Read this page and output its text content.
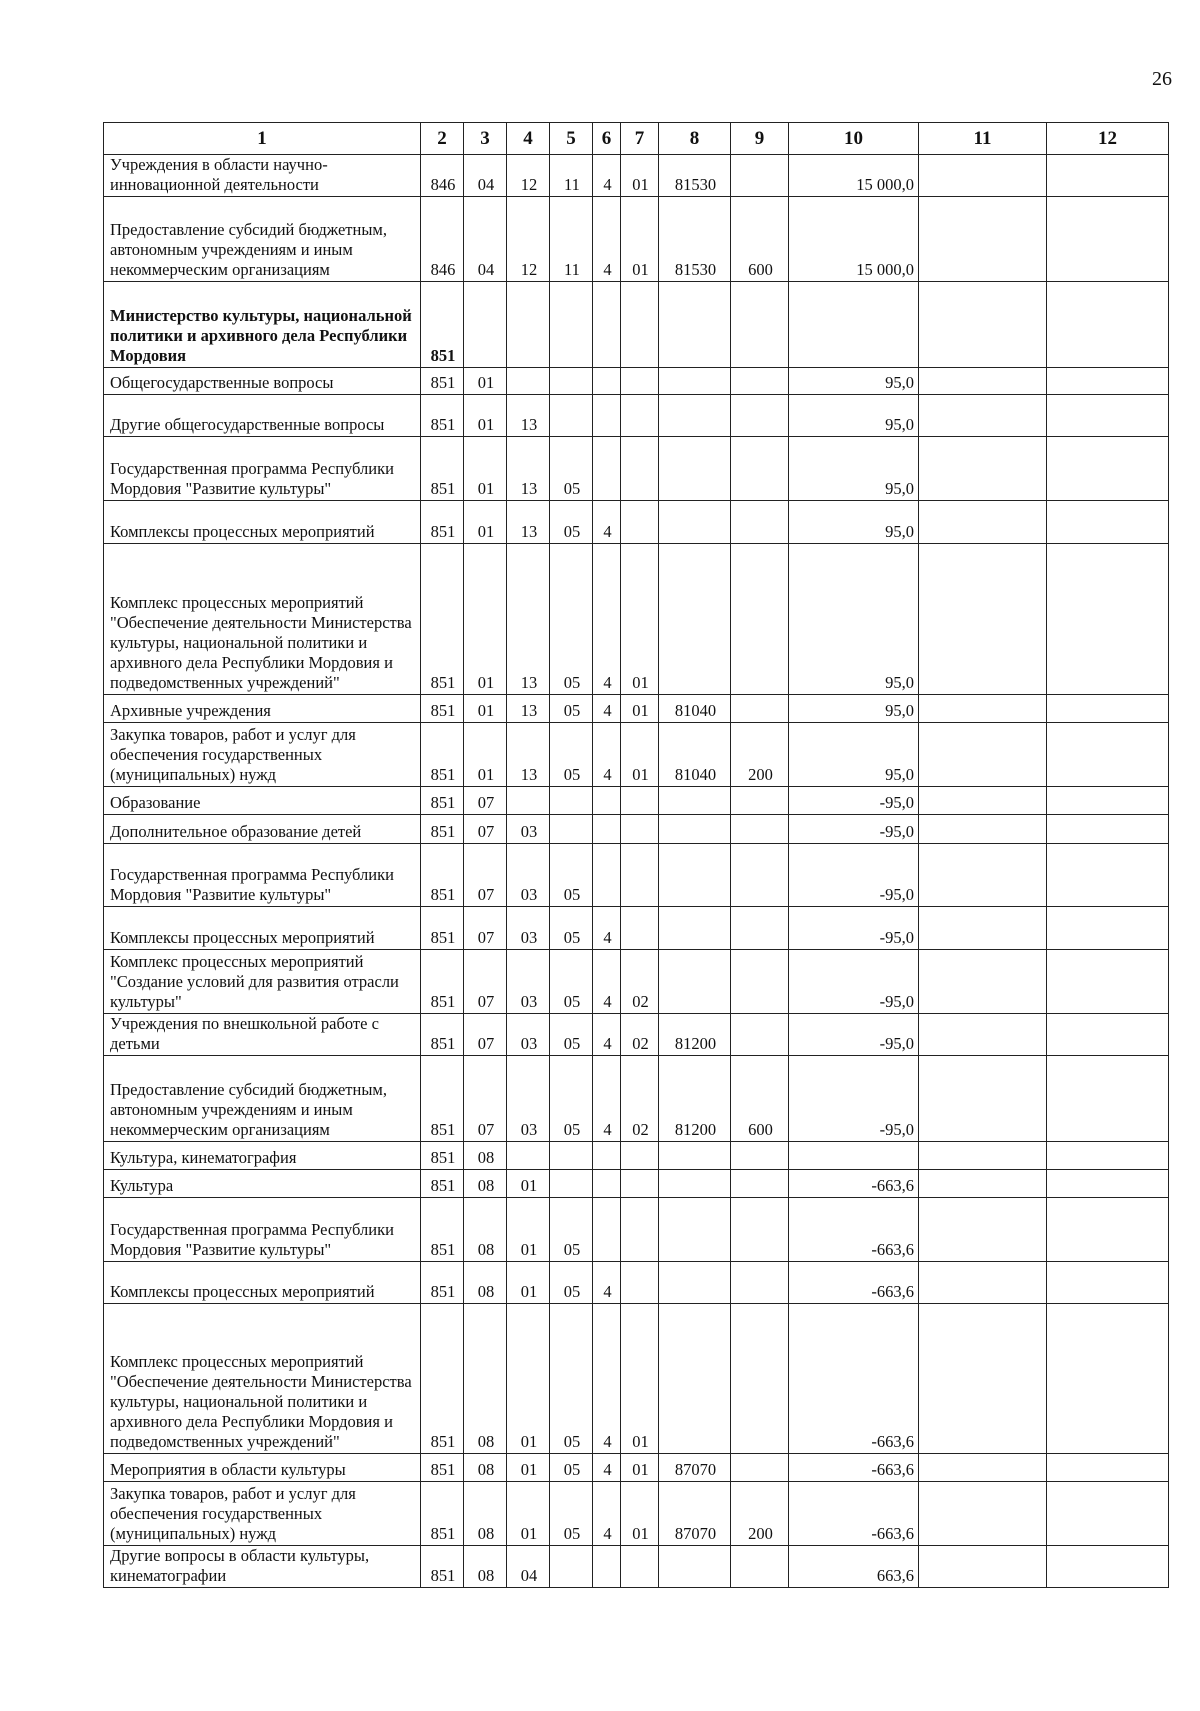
26
1	2	3	4	5	6	7	8	9	10	11	12
Учреждения в области научно-инновационной деятельности	846	04	12	11	4	01	81530		15 000,0		
Предоставление субсидий бюджетным, автономным учреждениям и иным некоммерческим организациям	846	04	12	11	4	01	81530	600	15 000,0		
Министерство культуры, национальной политики и архивного дела Республики Мордовия	851										
Общегосударственные вопросы	851	01							95,0		
Другие общегосударственные вопросы	851	01	13						95,0		
Государственная программа Республики Мордовия "Развитие культуры"	851	01	13	05					95,0		
Комплексы процессных мероприятий	851	01	13	05	4				95,0		
Комплекс процессных мероприятий "Обеспечение деятельности Министерства культуры, национальной политики и архивного дела Республики Мордовия и подведомственных учреждений"	851	01	13	05	4	01			95,0		
Архивные учреждения	851	01	13	05	4	01	81040		95,0		
Закупка товаров, работ и услуг для обеспечения государственных (муниципальных) нужд	851	01	13	05	4	01	81040	200	95,0		
Образование	851	07							-95,0		
Дополнительное образование детей	851	07	03						-95,0		
Государственная программа Республики Мордовия "Развитие культуры"	851	07	03	05					-95,0		
Комплексы процессных мероприятий	851	07	03	05	4				-95,0		
Комплекс процессных мероприятий "Создание условий для развития отрасли культуры"	851	07	03	05	4	02			-95,0		
Учреждения по внешкольной работе с детьми	851	07	03	05	4	02	81200		-95,0		
Предоставление субсидий бюджетным, автономным учреждениям и иным некоммерческим организациям	851	07	03	05	4	02	81200	600	-95,0		
Культура, кинематография	851	08									
Культура	851	08	01						-663,6		
Государственная программа Республики Мордовия "Развитие культуры"	851	08	01	05					-663,6		
Комплексы процессных мероприятий	851	08	01	05	4				-663,6		
Комплекс процессных мероприятий "Обеспечение деятельности Министерства культуры, национальной политики и архивного дела Республики Мордовия и подведомственных учреждений"	851	08	01	05	4	01			-663,6		
Мероприятия в области культуры	851	08	01	05	4	01	87070		-663,6		
Закупка товаров, работ и услуг для обеспечения государственных (муниципальных) нужд	851	08	01	05	4	01	87070	200	-663,6		
Другие вопросы в области культуры, кинематографии	851	08	04						663,6		
